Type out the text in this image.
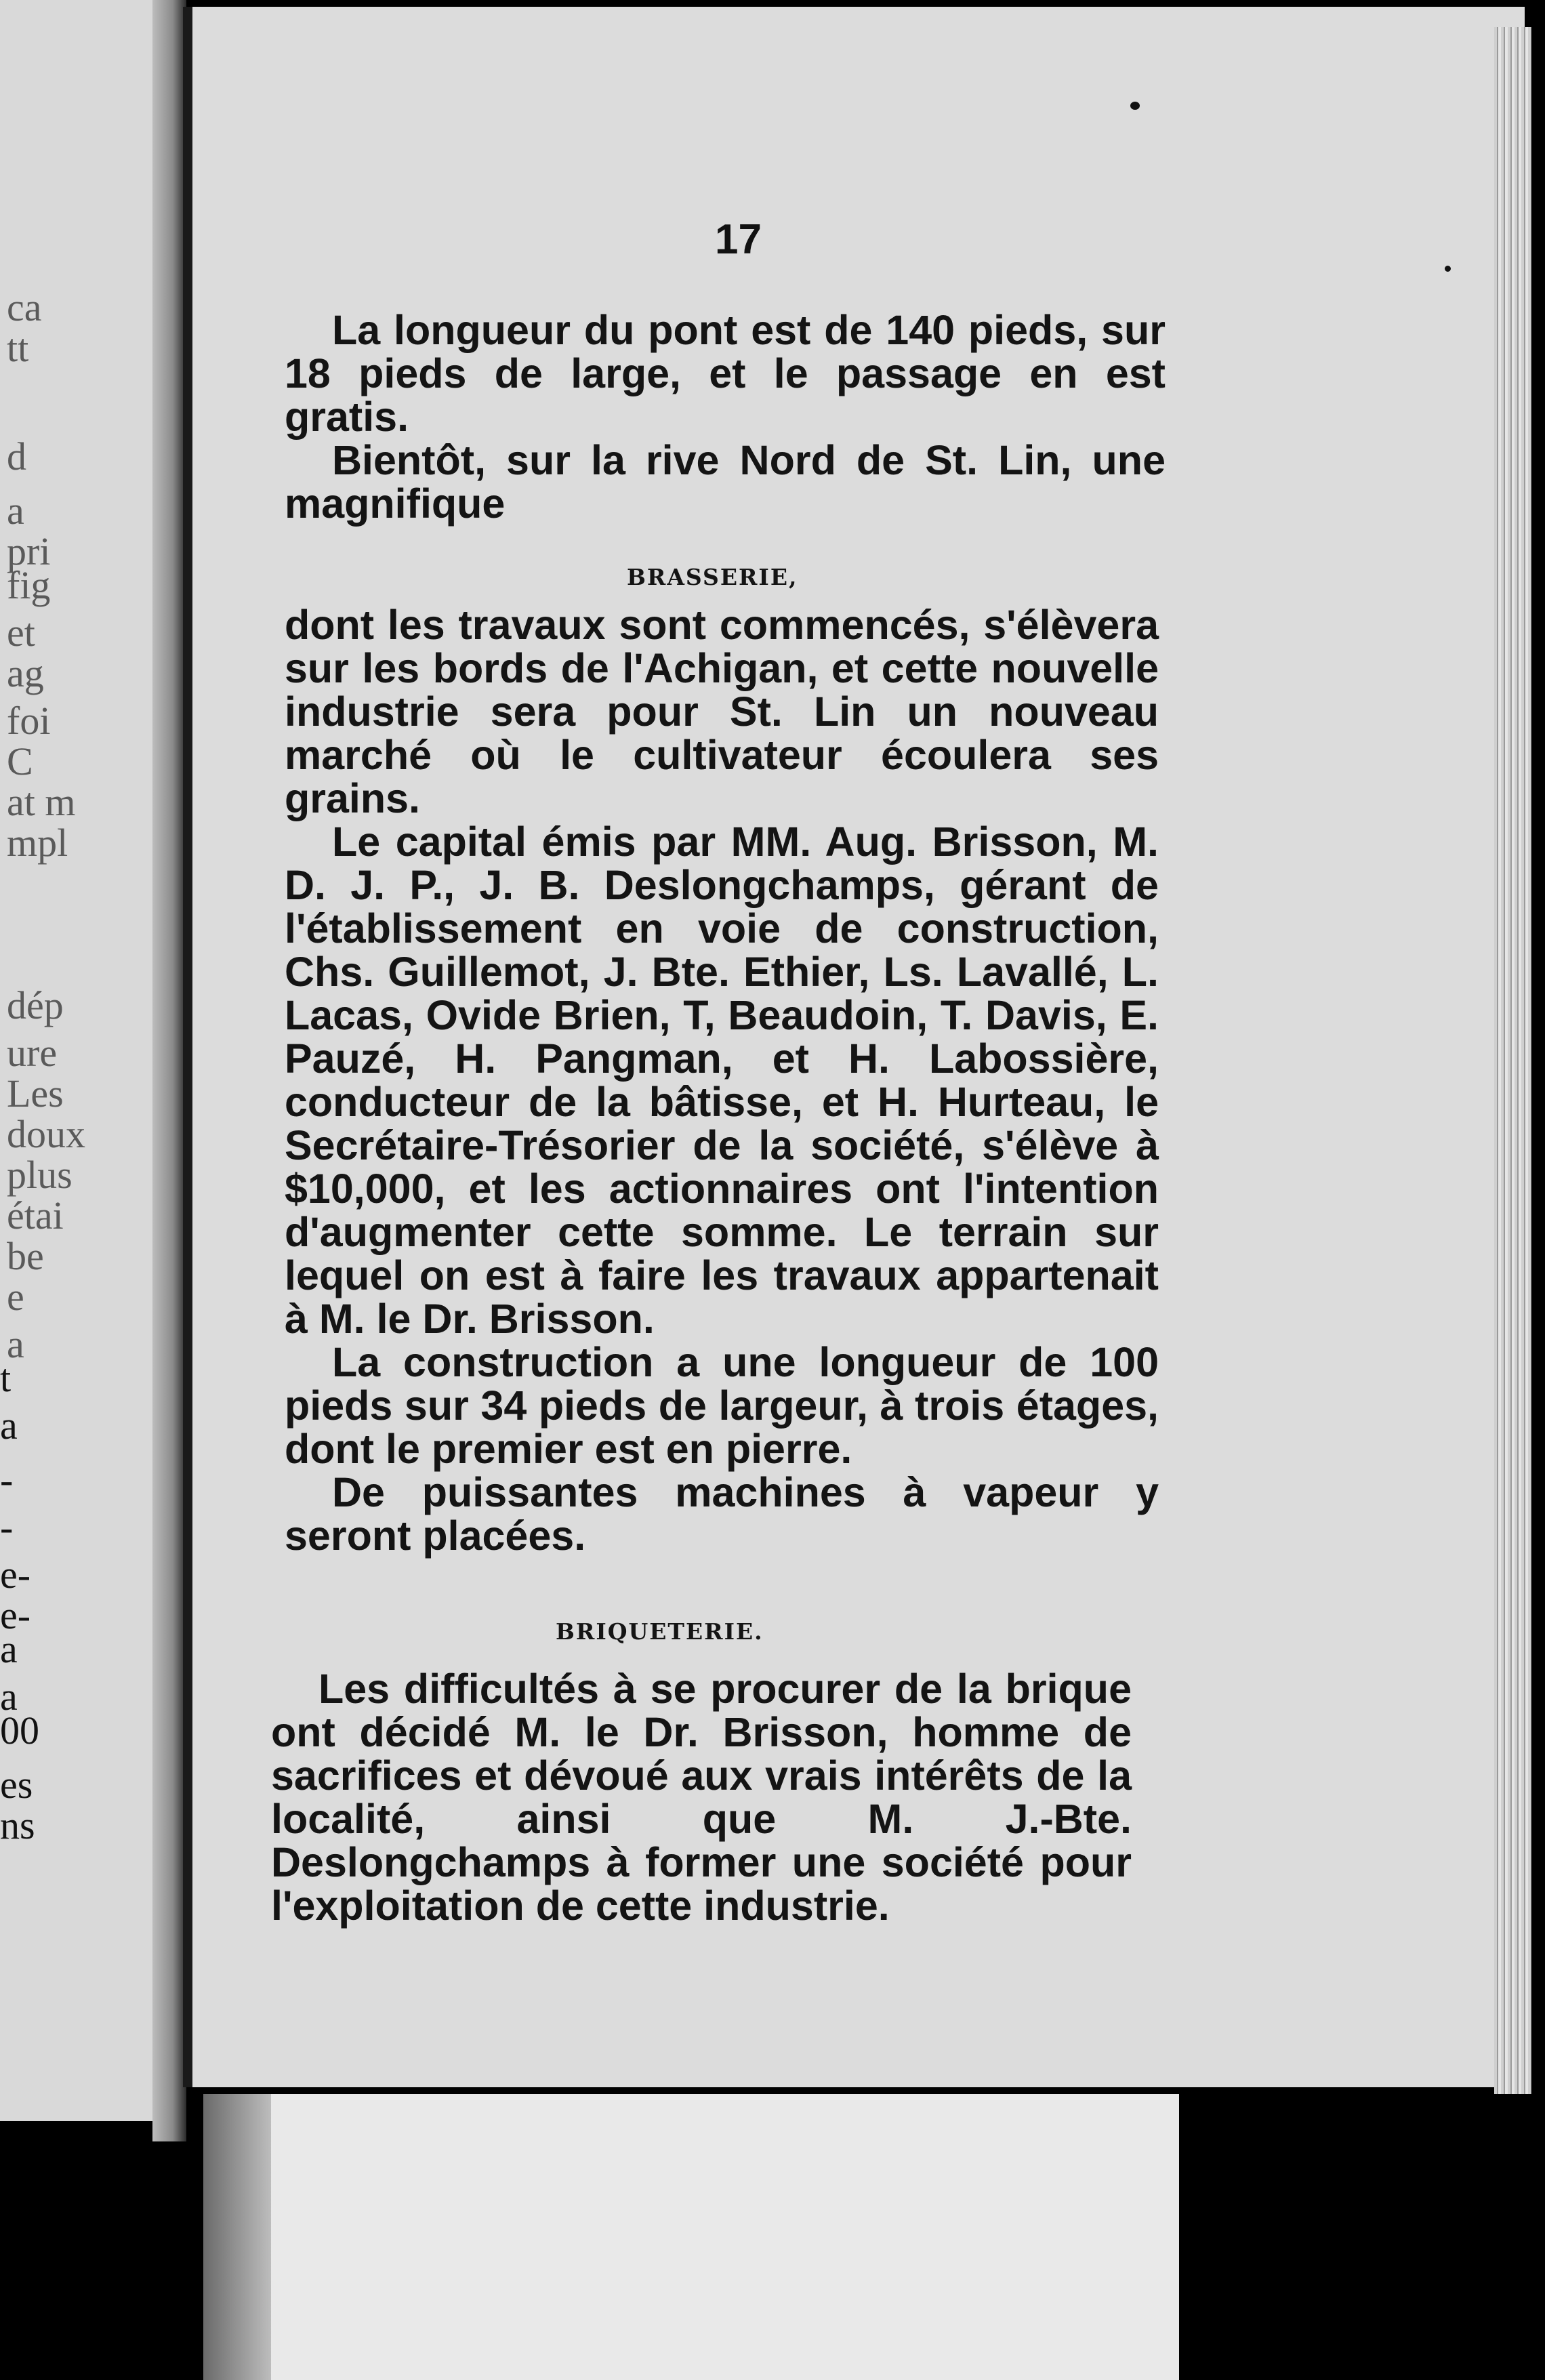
ca
tt
d
a
pri
fig
et
ag
foi
C
at m
mpl
dép
ure
Les
doux
plus
étai
be
e
a
t
a
-
-
e-
e-
a
a
00
es
ns
17

La longueur du pont est de 140 pieds, sur 18 pieds de large, et le passage en est gratis.

Bientôt, sur la rive Nord de St. Lin, une magnifique

BRASSERIE,

dont les travaux sont commencés, s'élèvera sur les bords de l'Achigan, et cette nouvelle industrie sera pour St. Lin un nouveau marché où le cultivateur écoulera ses grains.

Le capital émis par MM. Aug. Brisson, M. D. J. P., J. B. Deslongchamps, gérant de l'établissement en voie de construction, Chs. Guillemot, J. Bte. Ethier, Ls. Lavallé, L. Lacas, Ovide Brien, T, Beaudoin, T. Davis, E. Pauzé, H. Pangman, et H. Labossière, conducteur de la bâtisse, et H. Hurteau, le Secrétaire-Trésorier de la société, s'élève à $10,000, et les actionnaires ont l'intention d'augmenter cette somme. Le terrain sur lequel on est à faire les travaux appartenait à M. le Dr. Brisson.

La construction a une longueur de 100 pieds sur 34 pieds de largeur, à trois étages, dont le premier est en pierre.

De puissantes machines à vapeur y seront placées.

BRIQUETERIE.

Les difficultés à se procurer de la brique ont décidé M. le Dr. Brisson, homme de sacrifices et dévoué aux vrais intérêts de la localité, ainsi que M. J.-Bte. Deslongchamps à former une société pour l'exploitation de cette industrie.
